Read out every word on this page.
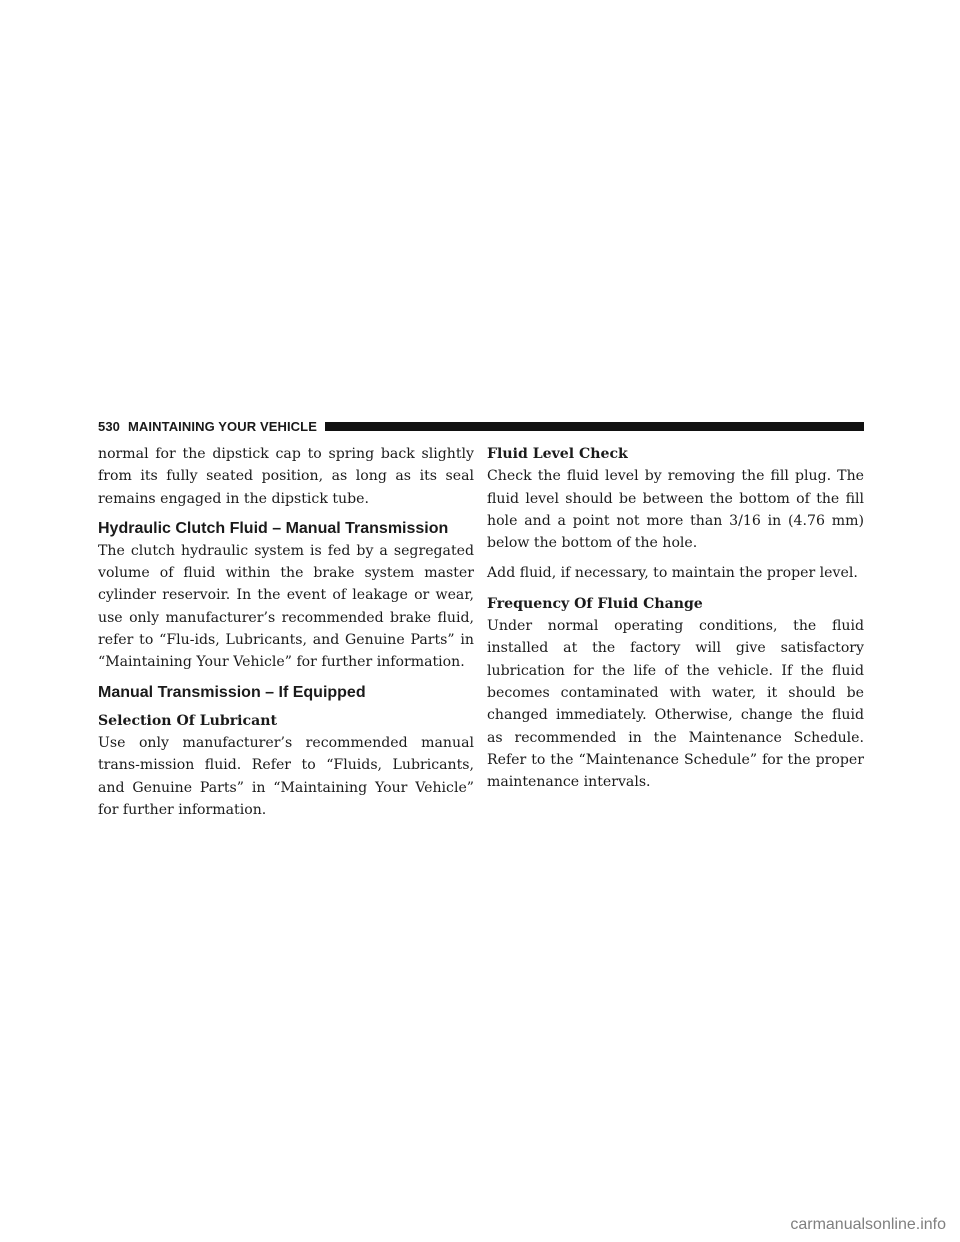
530 MAINTAINING YOUR VEHICLE

normal for the dipstick cap to spring back slightly from its fully seated position, as long as its seal remains engaged in the dipstick tube.

Hydraulic Clutch Fluid – Manual Transmission

The clutch hydraulic system is fed by a segregated volume of fluid within the brake system master cylinder reservoir. In the event of leakage or wear, use only manufacturer’s recommended brake fluid, refer to “Flu-ids, Lubricants, and Genuine Parts” in “Maintaining Your Vehicle” for further information.

Manual Transmission – If Equipped
Selection Of Lubricant

Use only manufacturer’s recommended manual trans-mission fluid. Refer to “Fluids, Lubricants, and Genuine Parts” in “Maintaining Your Vehicle” for further information.

Fluid Level Check

Check the fluid level by removing the fill plug. The fluid level should be between the bottom of the fill hole and a point not more than 3/16 in (4.76 mm) below the bottom of the hole.

Add fluid, if necessary, to maintain the proper level.

Frequency Of Fluid Change

Under normal operating conditions, the fluid installed at the factory will give satisfactory lubrication for the life of the vehicle. If the fluid becomes contaminated with water, it should be changed immediately. Otherwise, change the fluid as recommended in the Maintenance Schedule. Refer to the “Maintenance Schedule” for the proper maintenance intervals.

carmanualsonline.info
